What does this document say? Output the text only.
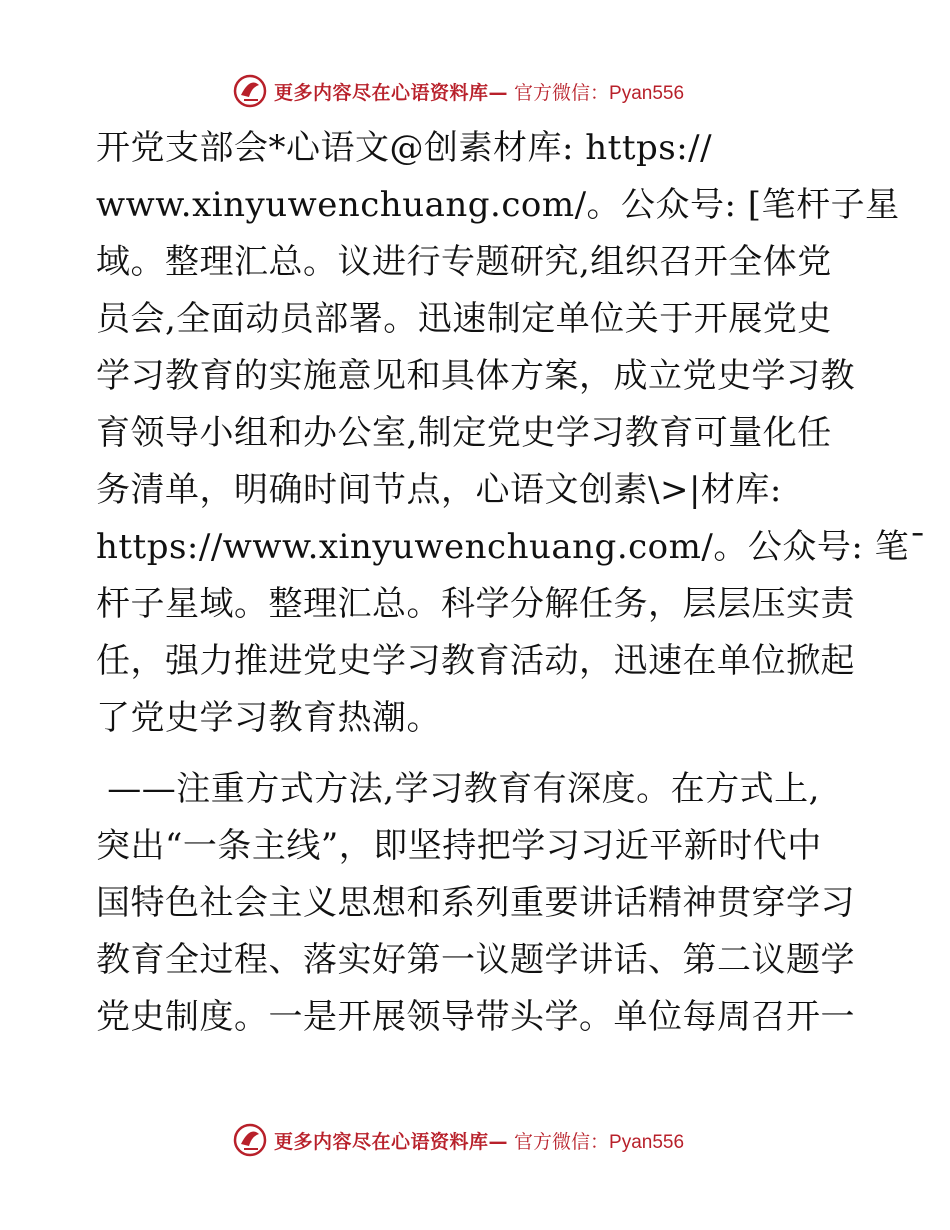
更多内容尽在心语资料库— 官方微信：Pyan556
开党支部会*心语文@创素材库: https://
www.xinyuwenchuang.com/。公众号: [笔杆子星
域。整理汇总。议进行专题研究,组织召开全体党
员会,全面动员部署。迅速制定单位关于开展党史
学习教育的实施意见和具体方案，成立党史学习教
育领导小组和办公室,制定党史学习教育可量化任
务清单，明确时间节点，心语文创素\>|材库:
https://www.xinyuwenchuang.com/。公众号: 笔¯
杆子星域。整理汇总。科学分解任务，层层压实责
任，强力推进党史学习教育活动，迅速在单位掀起
了党史学习教育热潮。
——注重方式方法,学习教育有深度。在方式上,
突出“一条主线”，即坚持把学习习近平新时代中
国特色社会主义思想和系列重要讲话精神贯穿学习
教育全过程、落实好第一议题学讲话、第二议题学
党史制度。一是开展领导带头学。单位每周召开一
更多内容尽在心语资料库— 官方微信：Pyan556
